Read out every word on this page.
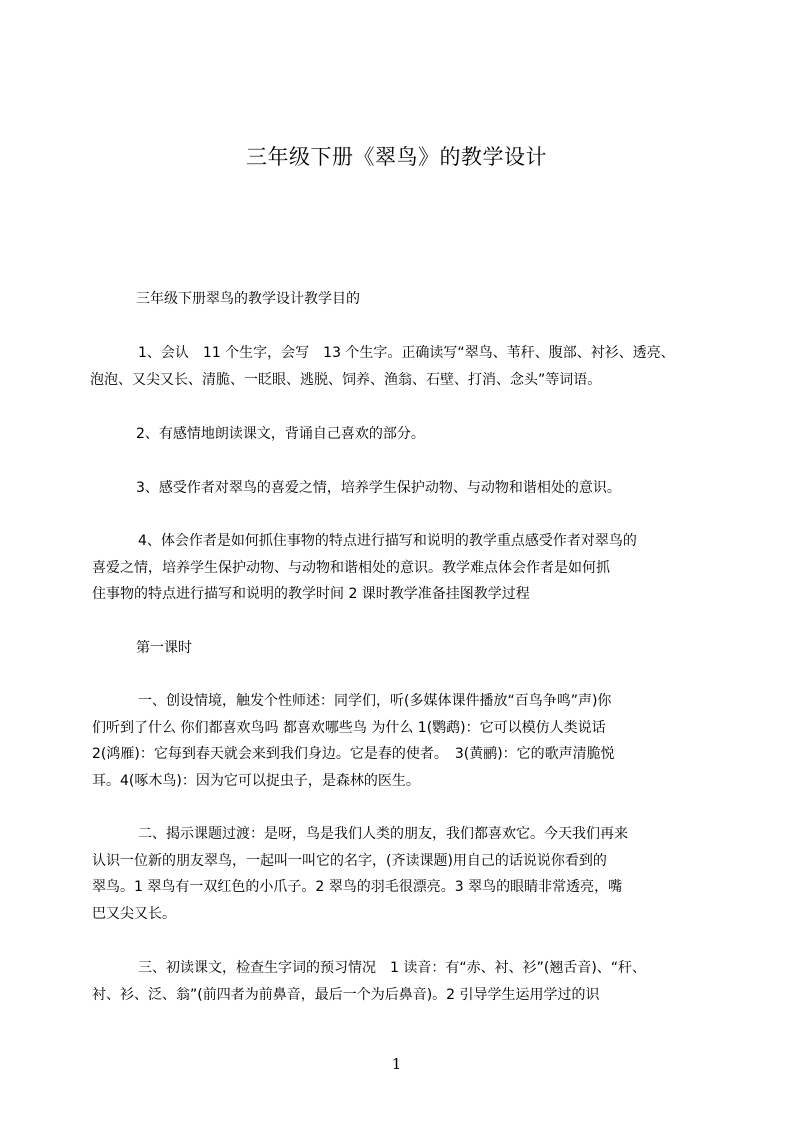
三年级下册《翠鸟》的教学设计
三年级下册翠鸟的教学设计教学目的
1、会认　11 个生字，会写　13 个生字。正确读写“翠鸟、苇秆、腹部、衬衫、透亮、
泡泡、又尖又长、清脆、一眨眼、逃脱、饲养、渔翁、石壁、打消、念头”等词语。
2、有感情地朗读课文，背诵自己喜欢的部分。
3、感受作者对翠鸟的喜爱之情，培养学生保护动物、与动物和谐相处的意识。
4、体会作者是如何抓住事物的特点进行描写和说明的教学重点感受作者对翠鸟的
喜爱之情，培养学生保护动物、与动物和谐相处的意识。教学难点体会作者是如何抓
住事物的特点进行描写和说明的教学时间 2 课时教学准备挂图教学过程
第一课时
一、创设情境，触发个性师述：同学们，听(多媒体课件播放“百鸟争鸣”声)你
们听到了什么 你们都喜欢鸟吗 都喜欢哪些鸟 为什么 1(鹦鹉)：它可以模仿人类说话
2(鸿雁)：它每到春天就会来到我们身边。它是春的使者。　3(黄鹂)：它的歌声清脆悦
耳。4(啄木鸟)：因为它可以捉虫子，是森林的医生。
二、揭示课题过渡：是呀，鸟是我们人类的朋友，我们都喜欢它。今天我们再来
认识一位新的朋友翠鸟，一起叫一叫它的名字，(齐读课题)用自己的话说说你看到的
翠鸟。1 翠鸟有一双红色的小爪子。2 翠鸟的羽毛很漂亮。3 翠鸟的眼睛非常透亮，嘴
巴又尖又长。
三、初读课文，检查生字词的预习情况　1 读音：有“赤、衬、衫”(翘舌音)、“秆、
衬、衫、泛、翁”(前四者为前鼻音，最后一个为后鼻音)。2 引导学生运用学过的识
1
